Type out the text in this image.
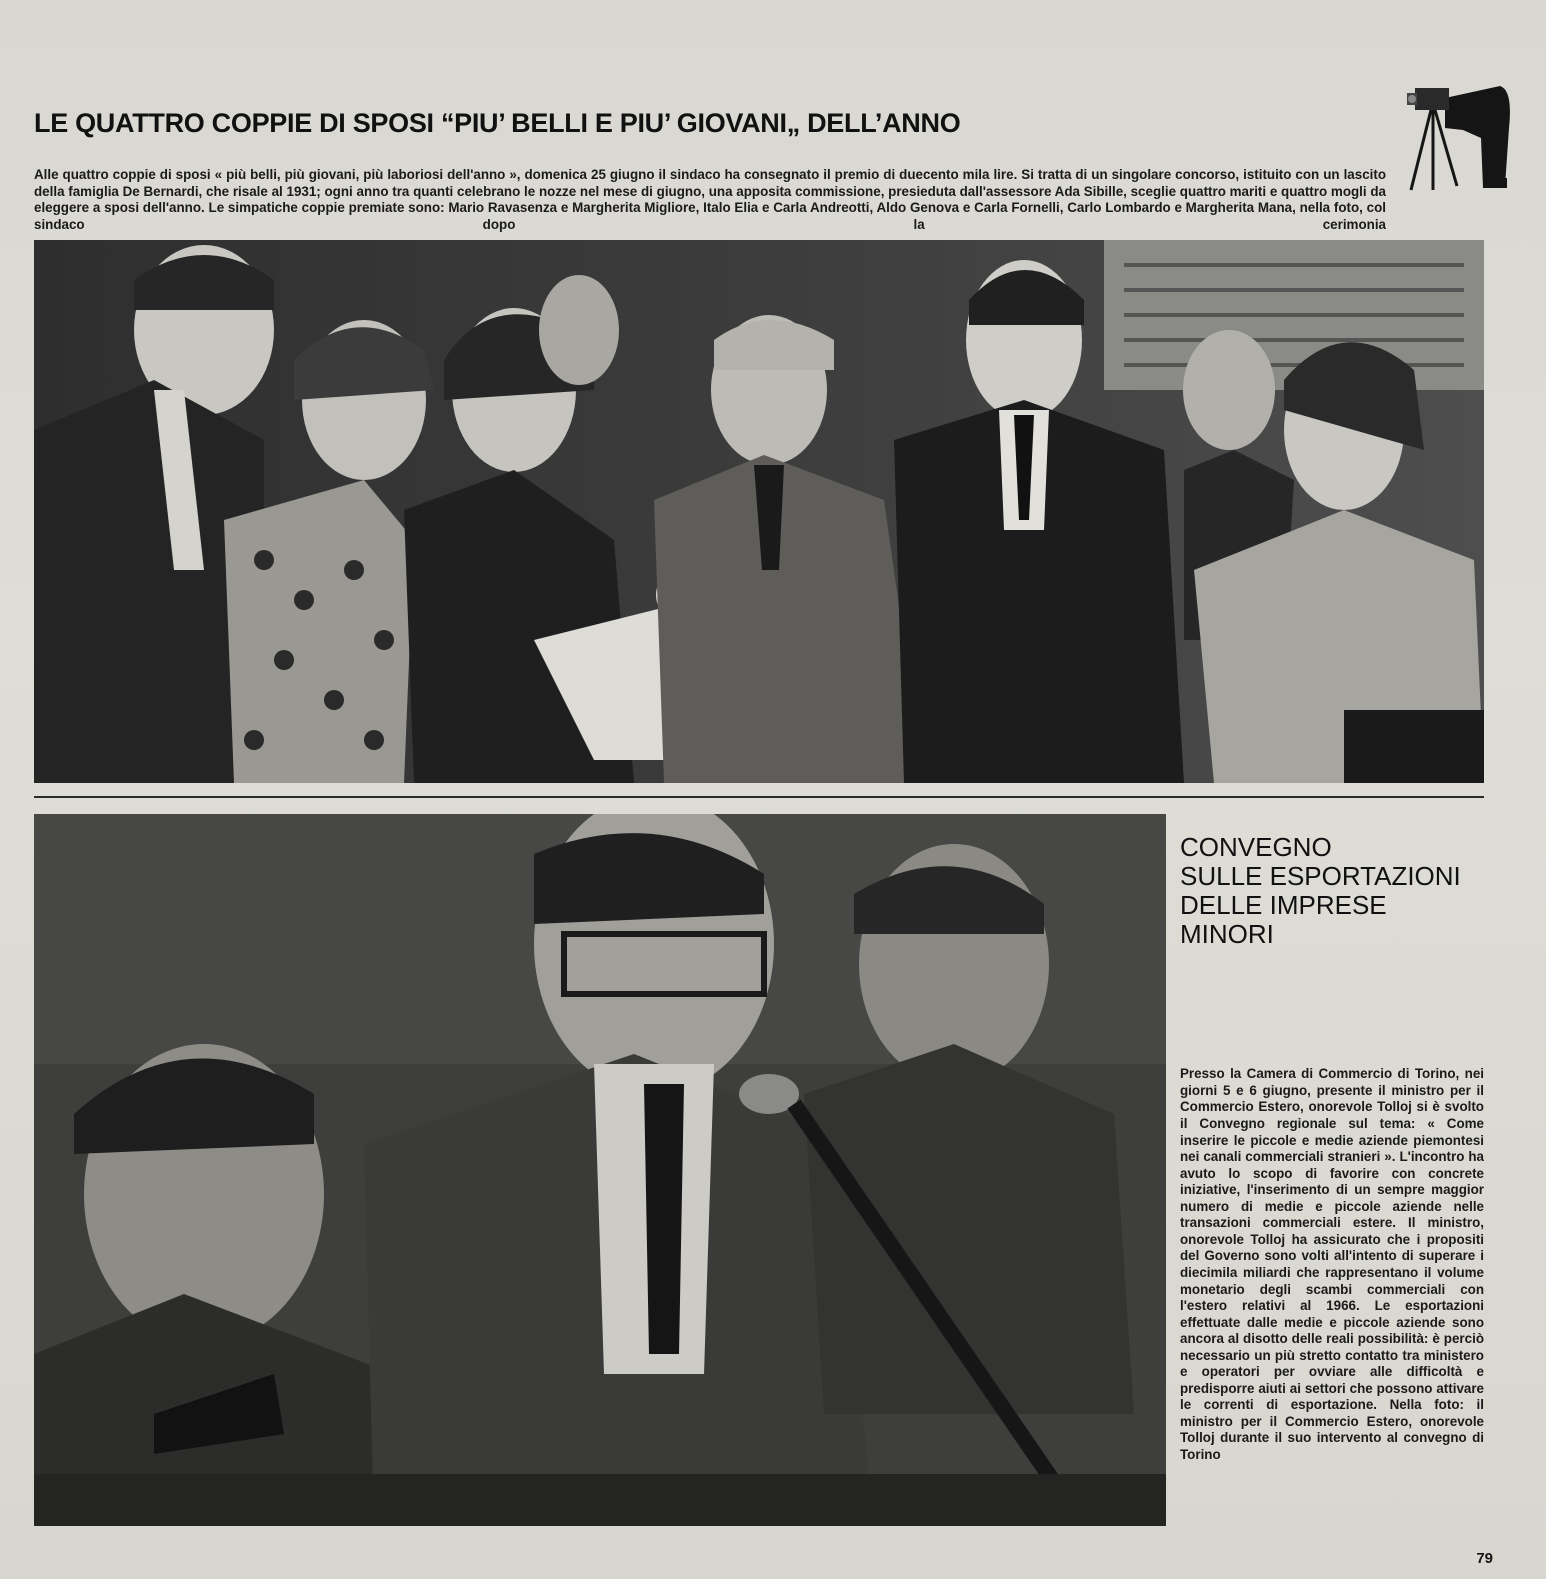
LE QUATTRO COPPIE DI SPOSI “PIU’ BELLI E PIU’ GIOVANI„ DELL’ANNO

Alle quattro coppie di sposi « più belli, più giovani, più laboriosi dell'anno », domenica 25 giugno il sindaco ha consegnato il premio di duecento mila lire. Si tratta di un singolare concorso, istituito con un lascito della famiglia De Bernardi, che risale al 1931; ogni anno tra quanti celebrano le nozze nel mese di giugno, una apposita commissione, presieduta dall'assessore Ada Sibille, sceglie quattro mariti e quattro mogli da eleggere a sposi dell'anno. Le simpatiche coppie premiate sono: Mario Ravasenza e Margherita Migliore, Italo Elia e Carla Andreotti, Aldo Genova e Carla Fornelli, Carlo Lombardo e Margherita Mana, nella foto, col sindaco dopo la cerimonia

CONVEGNO
SULLE ESPORTAZIONI
DELLE IMPRESE
MINORI

Presso la Camera di Commercio di Torino, nei giorni 5 e 6 giugno, presente il ministro per il Commercio Estero, onorevole Tolloj si è svolto il Convegno regionale sul tema: « Come inserire le piccole e medie aziende piemontesi nei canali commerciali stranieri ». L'incontro ha avuto lo scopo di favorire con concrete iniziative, l'inserimento di un sempre maggior numero di medie e piccole aziende nelle transazioni commerciali estere. Il ministro, onorevole Tolloj ha assicurato che i propositi del Governo sono volti all'intento di superare i diecimila miliardi che rappresentano il volume monetario degli scambi commerciali con l'estero relativi al 1966. Le esportazioni effettuate dalle medie e piccole aziende sono ancora al disotto delle reali possibilità: è perciò necessario un più stretto contatto tra ministero e operatori per ovviare alle difficoltà e predisporre aiuti ai settori che possono attivare le correnti di esportazione. Nella foto: il ministro per il Commercio Estero, onorevole Tolloj durante il suo intervento al convegno di Torino

79
